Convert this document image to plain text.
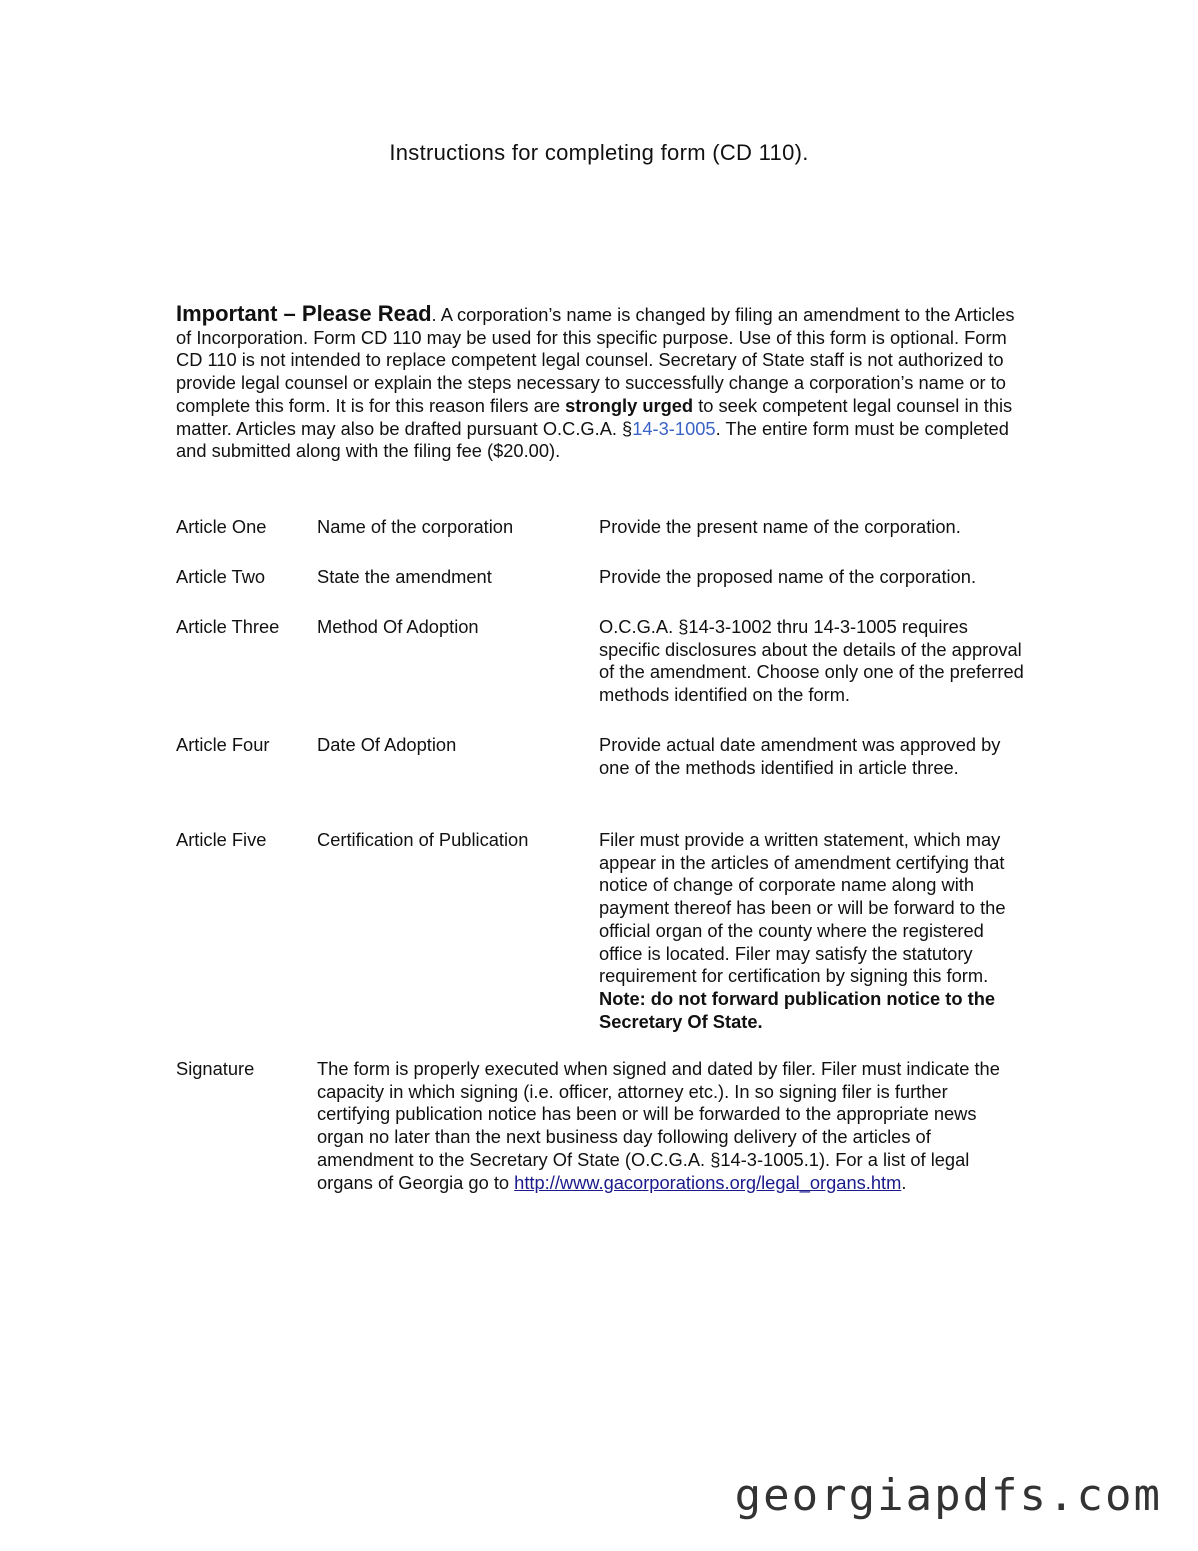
Instructions for completing form (CD 110).
Important – Please Read. A corporation’s name is changed by filing an amendment to the Articles of Incorporation. Form CD 110 may be used for this specific purpose. Use of this form is optional. Form CD 110 is not intended to replace competent legal counsel. Secretary of State staff is not authorized to provide legal counsel or explain the steps necessary to successfully change a corporation’s name or to complete this form. It is for this reason filers are strongly urged to seek competent legal counsel in this matter. Articles may also be drafted pursuant O.C.G.A. §14-3-1005. The entire form must be completed and submitted along with the filing fee ($20.00).
Article One	Name of the corporation	Provide the present name of the corporation.
Article Two	State the amendment	Provide the proposed name of the corporation.
Article Three	Method Of Adoption	O.C.G.A. §14-3-1002 thru 14-3-1005 requires specific disclosures about the details of the approval of the amendment. Choose only one of the preferred methods identified on the form.
Article Four	Date Of Adoption	Provide actual date amendment was approved by one of the methods identified in article three.
Article Five	Certification of Publication	Filer must provide a written statement, which may appear in the articles of amendment certifying that notice of change of corporate name along with payment thereof has been or will be forward to the official organ of the county where the registered office is located. Filer may satisfy the statutory requirement for certification by signing this form. Note: do not forward publication notice to the Secretary Of State.
Signature	The form is properly executed when signed and dated by filer. Filer must indicate the capacity in which signing (i.e. officer, attorney etc.). In so signing filer is further certifying publication notice has been or will be forwarded to the appropriate news organ no later than the next business day following delivery of the articles of amendment to the Secretary Of State (O.C.G.A. §14-3-1005.1). For a list of legal organs of Georgia go to http://www.gacorporations.org/legal_organs.htm.
georgiapdfs.com
